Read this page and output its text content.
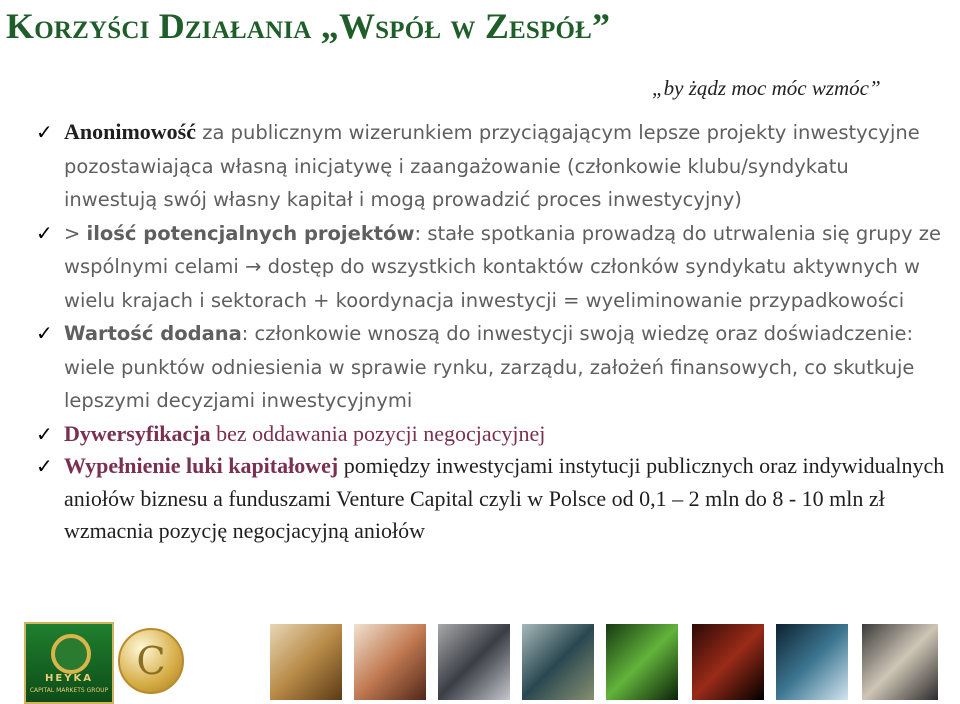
Korzyści Działania „Współ w Zespół”
„by żądz moc móc wzmóc”
✓ Anonimowość za publicznym wizerunkiem przyciągającym lepsze projekty inwestycyjne pozostawiająca własną inicjatywę i zaangażowanie (członkowie klubu/syndykatu inwestują swój własny kapitał i mogą prowadzić proces inwestycyjny)
✓ > ilość potencjalnych projektów: stałe spotkania prowadzą do utrwalenia się grupy ze wspólnymi celami → dostęp do wszystkich kontaktów członków syndykatu aktywnych w wielu krajach i sektorach + koordynacja inwestycji = wyeliminowanie przypadkowości
✓ Wartość dodana: członkowie wnoszą do inwestycji swoją wiedzę oraz doświadczenie: wiele punktów odniesienia w sprawie rynku, zarządu, założeń finansowych, co skutkuje lepszymi decyzjami inwestycyjnymi
✓ Dywersyfikacja bez oddawania pozycji negocjacyjnej
✓ Wypełnienie luki kapitałowej pomiędzy inwestycjami instytucji publicznych oraz indywidualnych aniołów biznesu a funduszami Venture Capital czyli w Polsce od 0,1 – 2 mln do 8 - 10 mln zł wzmacnia pozycję negocjacyjną aniołów
HEYKA
CAPITAL MARKETS GROUP
C
